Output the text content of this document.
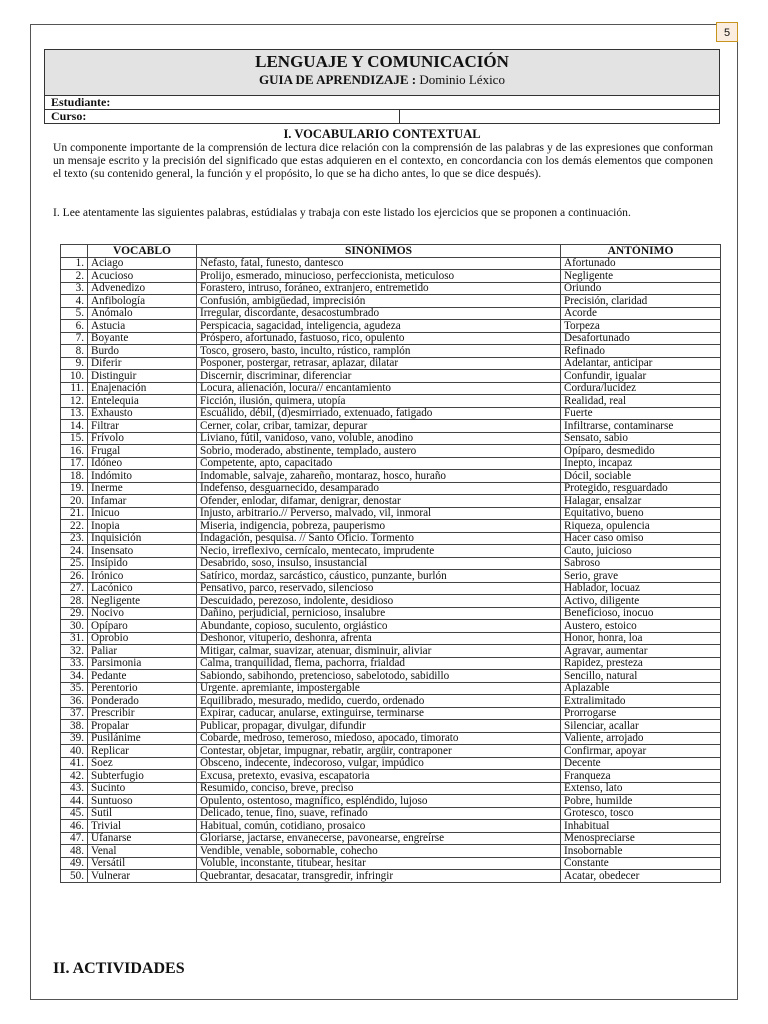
5
LENGUAJE Y COMUNICACIÓN
GUIA DE APRENDIZAJE : Dominio Léxico
Estudiante:
Curso:
I. VOCABULARIO CONTEXTUAL
Un componente importante de la comprensión de lectura dice relación con la comprensión de las palabras y de las expresiones que conforman un mensaje escrito y la precisión del significado que estas adquieren en el contexto, en concordancia con los demás elementos que componen el texto (su contenido general, la función y el propósito, lo que se ha dicho antes, lo que se dice después).
I. Lee atentamente las siguientes palabras, estúdialas y trabaja con este listado los ejercicios que se proponen a continuación.
	VOCABLO	SINÓNIMOS	ANTÓNIMO
1.	Aciago	Nefasto, fatal, funesto, dantesco	Afortunado
2.	Acucioso	Prolijo, esmerado, minucioso, perfeccionista, meticuloso	Negligente
3.	Advenedizo	Forastero, intruso, foráneo, extranjero, entremetido	Oriundo
4.	Anfibología	Confusión, ambigüedad, imprecisión	Precisión, claridad
5.	Anómalo	Irregular, discordante, desacostumbrado	Acorde
6.	Astucia	Perspicacia, sagacidad, inteligencia, agudeza	Torpeza
7.	Boyante	Próspero, afortunado, fastuoso, rico, opulento	Desafortunado
8.	Burdo	Tosco, grosero, basto, inculto, rústico, ramplón	Refinado
9.	Diferir	Posponer, postergar, retrasar, aplazar, dilatar	Adelantar, anticipar
10.	Distinguir	Discernir, discriminar, diferenciar	Confundir, igualar
11.	Enajenación	Locura, alienación, locura// encantamiento	Cordura/lucidez
12.	Entelequia	Ficción, ilusión, quimera, utopía	Realidad, real
13.	Exhausto	Escuálido, débil, (d)esmirriado, extenuado, fatigado	Fuerte
14.	Filtrar	Cerner, colar, cribar, tamizar, depurar	Infiltrarse, contaminarse
15.	Frívolo	Liviano, fútil, vanidoso, vano, voluble, anodino	Sensato, sabio
16.	Frugal	Sobrio, moderado, abstinente, templado, austero	Opíparo, desmedido
17.	Idóneo	Competente, apto, capacitado	Inepto, incapaz
18.	Indómito	Indomable, salvaje, zahareño, montaraz, hosco, huraño	Dócil, sociable
19.	Inerme	Indefenso, desguarnecido, desamparado	Protegido, resguardado
20.	Infamar	Ofender, enlodar, difamar, denigrar, denostar	Halagar, ensalzar
21.	Inicuo	Injusto, arbitrario.// Perverso, malvado, vil, inmoral	Equitativo, bueno
22.	Inopia	Miseria, indigencia, pobreza, pauperismo	Riqueza, opulencia
23.	Inquisición	Indagación, pesquisa. // Santo Oficio. Tormento	Hacer caso omiso
24.	Insensato	Necio, irreflexivo, cernícalo, mentecato, imprudente	Cauto, juicioso
25.	Insípido	Desabrido, soso, insulso, insustancial	Sabroso
26.	Irónico	Satírico, mordaz, sarcástico, cáustico, punzante, burlón	Serio, grave
27.	Lacónico	Pensativo, parco, reservado, silencioso	Hablador, locuaz
28.	Negligente	Descuidado, perezoso, indolente, desidioso	Activo, diligente
29.	Nocivo	Dañino, perjudicial, pernicioso, insalubre	Beneficioso, inocuo
30.	Opíparo	Abundante, copioso, suculento, orgiástico	Austero, estoico
31.	Oprobio	Deshonor, vituperio, deshonra, afrenta	Honor, honra, loa
32.	Paliar	Mitigar, calmar, suavizar, atenuar, disminuir, aliviar	Agravar, aumentar
33.	Parsimonia	Calma, tranquilidad, flema, pachorra, frialdad	Rapidez, presteza
34.	Pedante	Sabiondo, sabihondo, pretencioso, sabelotodo, sabidillo	Sencillo, natural
35.	Perentorio	Urgente. apremiante, impostergable	Aplazable
36.	Ponderado	Equilibrado, mesurado, medido, cuerdo, ordenado	Extralimitado
37.	Prescribir	Expirar, caducar, anularse, extinguirse, terminarse	Prorrogarse
38.	Propalar	Publicar, propagar, divulgar, difundir	Silenciar, acallar
39.	Pusilánime	Cobarde, medroso, temeroso, miedoso, apocado, timorato	Valiente, arrojado
40.	Replicar	Contestar, objetar, impugnar, rebatir, argüir, contraponer	Confirmar, apoyar
41.	Soez	Obsceno, indecente, indecoroso, vulgar, impúdico	Decente
42.	Subterfugio	Excusa, pretexto, evasiva, escapatoria	Franqueza
43.	Sucinto	Resumido, conciso, breve, preciso	Extenso, lato
44.	Suntuoso	Opulento, ostentoso, magnífico, espléndido, lujoso	Pobre, humilde
45.	Sutil	Delicado, tenue, fino, suave, refinado	Grotesco, tosco
46.	Trivial	Habitual, común, cotidiano, prosaico	Inhabitual
47.	Ufanarse	Gloriarse, jactarse, envanecerse, pavonearse, engreírse	Menospreciarse
48.	Venal	Vendible, venable, sobornable, cohecho	Insobornable
49.	Versátil	Voluble, inconstante, titubear, hesitar	Constante
50.	Vulnerar	Quebrantar, desacatar, transgredir, infringir	Acatar, obedecer
II. ACTIVIDADES
